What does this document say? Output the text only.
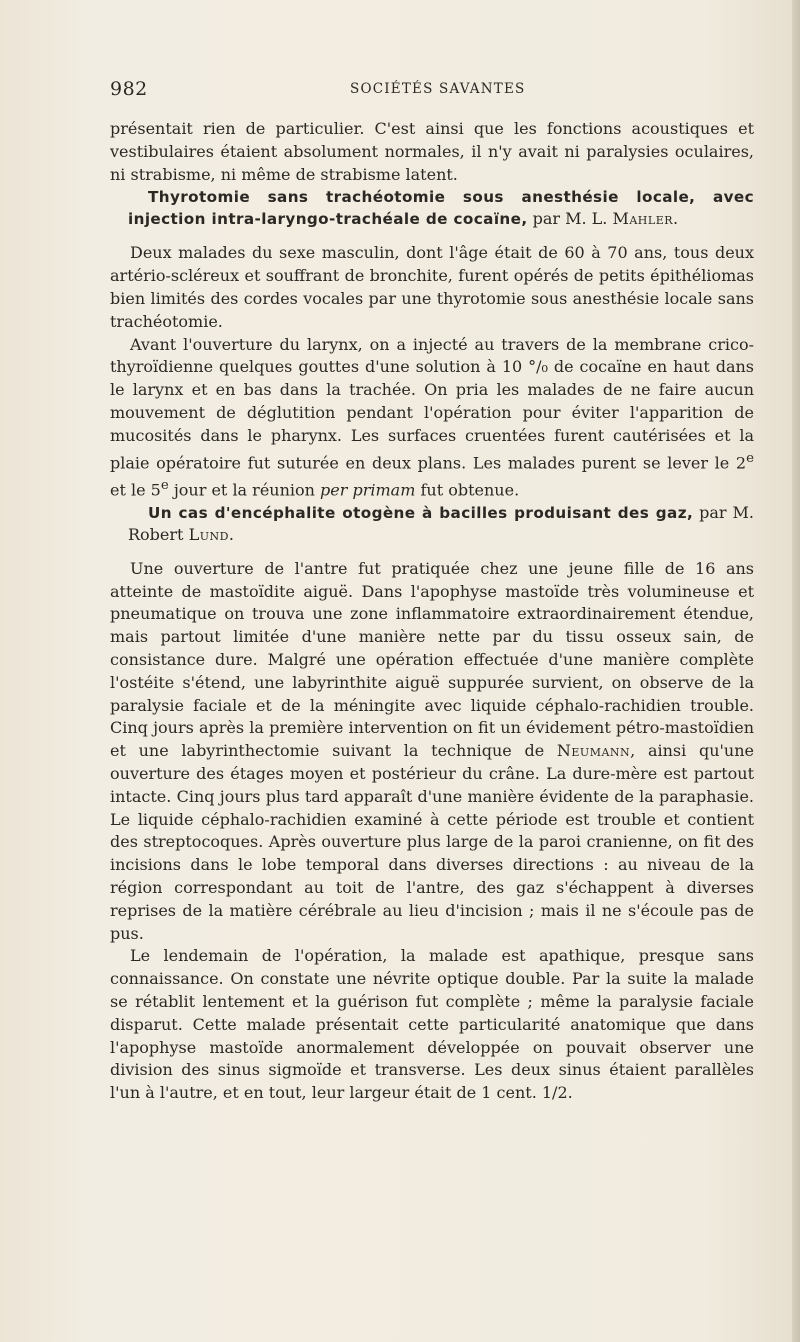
982	SOCIÉTÉS SAVANTES

présentait rien de particulier. C'est ainsi que les fonctions acoustiques et vestibulaires étaient absolument normales, il n'y avait ni paralysies oculaires, ni strabisme, ni même de strabisme latent.

Thyrotomie sans trachéotomie sous anesthésie locale, avec injection intra-laryngo-trachéale de cocaïne, par M. L. Mahler.

Deux malades du sexe masculin, dont l'âge était de 60 à 70 ans, tous deux artério-scléreux et souffrant de bronchite, furent opérés de petits épithéliomas bien limités des cordes vocales par une thyrotomie sous anesthésie locale sans trachéotomie.

Avant l'ouverture du larynx, on a injecté au travers de la membrane crico-thyroïdienne quelques gouttes d'une solution à 10 °/₀ de cocaïne en haut dans le larynx et en bas dans la trachée. On pria les malades de ne faire aucun mouvement de déglutition pendant l'opération pour éviter l'apparition de mucosités dans le pharynx. Les surfaces cruentées furent cautérisées et la plaie opératoire fut suturée en deux plans. Les malades purent se lever le 2e et le 5e jour et la réunion per primam fut obtenue.

Un cas d'encéphalite otogène à bacilles produisant des gaz, par M. Robert Lund.

Une ouverture de l'antre fut pratiquée chez une jeune fille de 16 ans atteinte de mastoïdite aiguë. Dans l'apophyse mastoïde très volumineuse et pneumatique on trouva une zone inflammatoire extraordinairement étendue, mais partout limitée d'une manière nette par du tissu osseux sain, de consistance dure. Malgré une opération effectuée d'une manière complète l'ostéite s'étend, une labyrinthite aiguë suppurée survient, on observe de la paralysie faciale et de la méningite avec liquide céphalo-rachidien trouble. Cinq jours après la première intervention on fit un évidement pétro-mastoïdien et une labyrinthectomie suivant la technique de Neumann, ainsi qu'une ouverture des étages moyen et postérieur du crâne. La dure-mère est partout intacte. Cinq jours plus tard apparaît d'une manière évidente de la paraphasie. Le liquide céphalo-rachidien examiné à cette période est trouble et contient des streptocoques. Après ouverture plus large de la paroi cranienne, on fit des incisions dans le lobe temporal dans diverses directions : au niveau de la région correspondant au toit de l'antre, des gaz s'échappent à diverses reprises de la matière cérébrale au lieu d'incision ; mais il ne s'écoule pas de pus.

Le lendemain de l'opération, la malade est apathique, presque sans connaissance. On constate une névrite optique double. Par la suite la malade se rétablit lentement et la guérison fut complète ; même la paralysie faciale disparut. Cette malade présentait cette particularité anatomique que dans l'apophyse mastoïde anormalement développée on pouvait observer une division des sinus sigmoïde et transverse. Les deux sinus étaient parallèles l'un à l'autre, et en tout, leur largeur était de 1 cent. 1/2.
